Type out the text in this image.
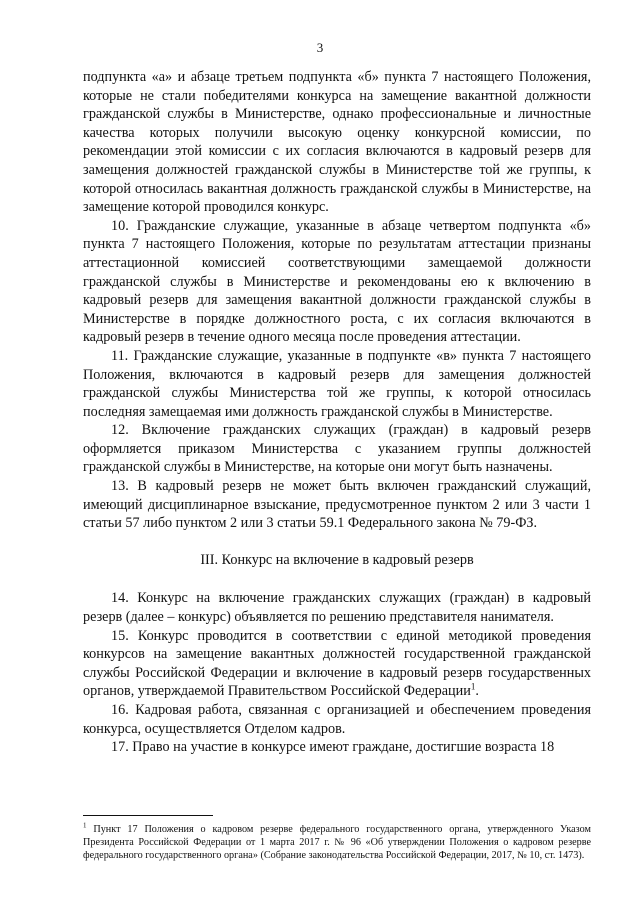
3

подпункта «а» и абзаце третьем подпункта «б» пункта 7 настоящего Положения, которые не стали победителями конкурса на замещение вакантной должности гражданской службы в Министерстве, однако профессиональные и личностные качества которых получили высокую оценку конкурсной комиссии, по рекомендации этой комиссии с их согласия включаются в кадровый резерв для замещения должностей гражданской службы в Министерстве той же группы, к которой относилась вакантная должность гражданской службы в Министерстве, на замещение которой проводился конкурс.

10. Гражданские служащие, указанные в абзаце четвертом подпункта «б» пункта 7 настоящего Положения, которые по результатам аттестации признаны аттестационной комиссией соответствующими замещаемой должности гражданской службы в Министерстве и рекомендованы ею к включению в кадровый резерв для замещения вакантной должности гражданской службы в Министерстве в порядке должностного роста, с их согласия включаются в кадровый резерв в течение одного месяца после проведения аттестации.

11. Гражданские служащие, указанные в подпункте «в» пункта 7 настоящего Положения, включаются в кадровый резерв для замещения должностей гражданской службы Министерства той же группы, к которой относилась последняя замещаемая ими должность гражданской службы в Министерстве.

12. Включение гражданских служащих (граждан) в кадровый резерв оформляется приказом Министерства с указанием группы должностей гражданской службы в Министерстве, на которые они могут быть назначены.

13. В кадровый резерв не может быть включен гражданский служащий, имеющий дисциплинарное взыскание, предусмотренное пунктом 2 или 3 части 1 статьи 57 либо пунктом 2 или 3 статьи 59.1 Федерального закона № 79-ФЗ.

III. Конкурс на включение в кадровый резерв

14. Конкурс на включение гражданских служащих (граждан) в кадровый резерв (далее – конкурс) объявляется по решению представителя нанимателя.

15. Конкурс проводится в соответствии с единой методикой проведения конкурсов на замещение вакантных должностей государственной гражданской службы Российской Федерации и включение в кадровый резерв государственных органов, утверждаемой Правительством Российской Федерации$^1$.

16. Кадровая работа, связанная с организацией и обеспечением проведения конкурса, осуществляется Отделом кадров.

17. Право на участие в конкурсе имеют граждане, достигшие возраста 18

$^1$ Пункт 17 Положения о кадровом резерве федерального государственного органа, утвержденного Указом Президента Российской Федерации от 1 марта 2017 г. № 96 «Об утверждении Положения о кадровом резерве федерального государственного органа» (Собрание законодательства Российской Федерации, 2017, № 10, ст. 1473).
